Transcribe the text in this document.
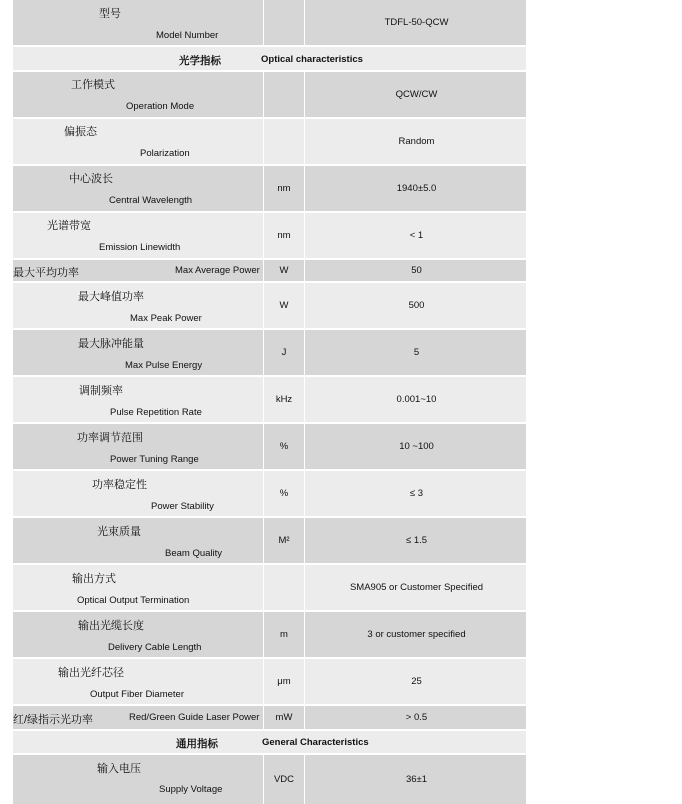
型号
Model Number
TDFL-50-QCW
光学指标	Optical characteristics
工作模式
Operation Mode
QCW/CW
偏振态
Polarization
Random
中心波长
Central Wavelength
nm	1940±5.0
光谱带宽
Emission Linewidth
nm	< 1
最大平均功率	Max Average Power	W	50
最大峰值功率
Max Peak Power
W	500
最大脉冲能量
Max Pulse Energy
J	5
调制频率
Pulse Repetition Rate
kHz	0.001~10
功率调节范围
Power Tuning Range
%	10 ~100
功率稳定性
Power Stability
%	≤ 3
光束质量
Beam Quality
M²	≤ 1.5
输出方式
Optical Output Termination
SMA905 or Customer Specified
输出光缆长度
Delivery Cable Length
m	3 or customer specified
输出光纤芯径
Output Fiber Diameter
μm	25
红/绿指示光功率	Red/Green Guide Laser Power	mW	> 0.5
通用指标	General Characteristics
输入电压
Supply Voltage
VDC	36±1
